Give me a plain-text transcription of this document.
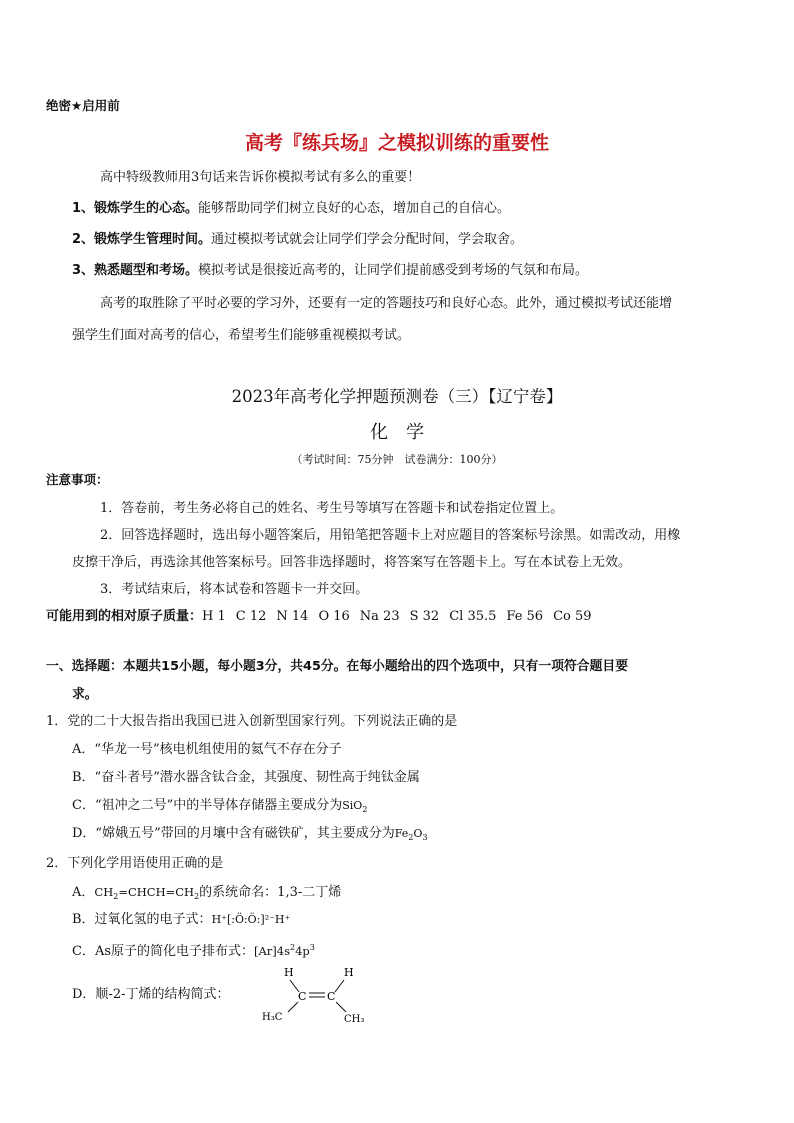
绝密★启用前
高考『练兵场』之模拟训练的重要性
高中特级教师用3句话来告诉你模拟考试有多么的重要！
1、锻炼学生的心态。能够帮助同学们树立良好的心态，增加自己的自信心。
2、锻炼学生管理时间。通过模拟考试就会让同学们学会分配时间，学会取舍。
3、熟悉题型和考场。模拟考试是很接近高考的，让同学们提前感受到考场的气氛和布局。
高考的取胜除了平时必要的学习外，还要有一定的答题技巧和良好心态。此外，通过模拟考试还能增
强学生们面对高考的信心，希望考生们能够重视模拟考试。
2023年高考化学押题预测卷（三）【辽宁卷】
化学
（考试时间：75分钟　试卷满分：100分）
注意事项：
1．答卷前，考生务必将自己的姓名、考生号等填写在答题卡和试卷指定位置上。
2．回答选择题时，选出每小题答案后，用铅笔把答题卡上对应题目的答案标号涂黑。如需改动，用橡
皮擦干净后，再选涂其他答案标号。回答非选择题时，将答案写在答题卡上。写在本试卷上无效。
3．考试结束后，将本试卷和答题卡一并交回。
可能用到的相对原子质量：H 1 C 12 N 14 O 16 Na 23 S 32 Cl 35.5 Fe 56 Co 59
一、选择题：本题共15小题，每小题3分，共45分。在每小题给出的四个选项中，只有一项符合题目要
求。
1．党的二十大报告指出我国已进入创新型国家行列。下列说法正确的是
A．“华龙一号”核电机组使用的氦气不存在分子
B．“奋斗者号”潜水器含钛合金，其强度、韧性高于纯钛金属
C．“祖冲之二号”中的半导体存储器主要成分为SiO$_2$
D．“嫦娥五号”带回的月壤中含有磁铁矿，其主要成分为$Fe_2O_3$
2．下列化学用语使用正确的是
A．$CH_2=CHCH=CH_2$的系统命名：1,3-二丁烯
B．过氧化氢的电子式：H⁺[:Ö:Ö:]²⁻H⁺
C．As原子的简化电子排布式：$[Ar]4s^24p^3$
D．顺-2-丁烯的结构简式：
H	H
C C
H₃C	CH₃
